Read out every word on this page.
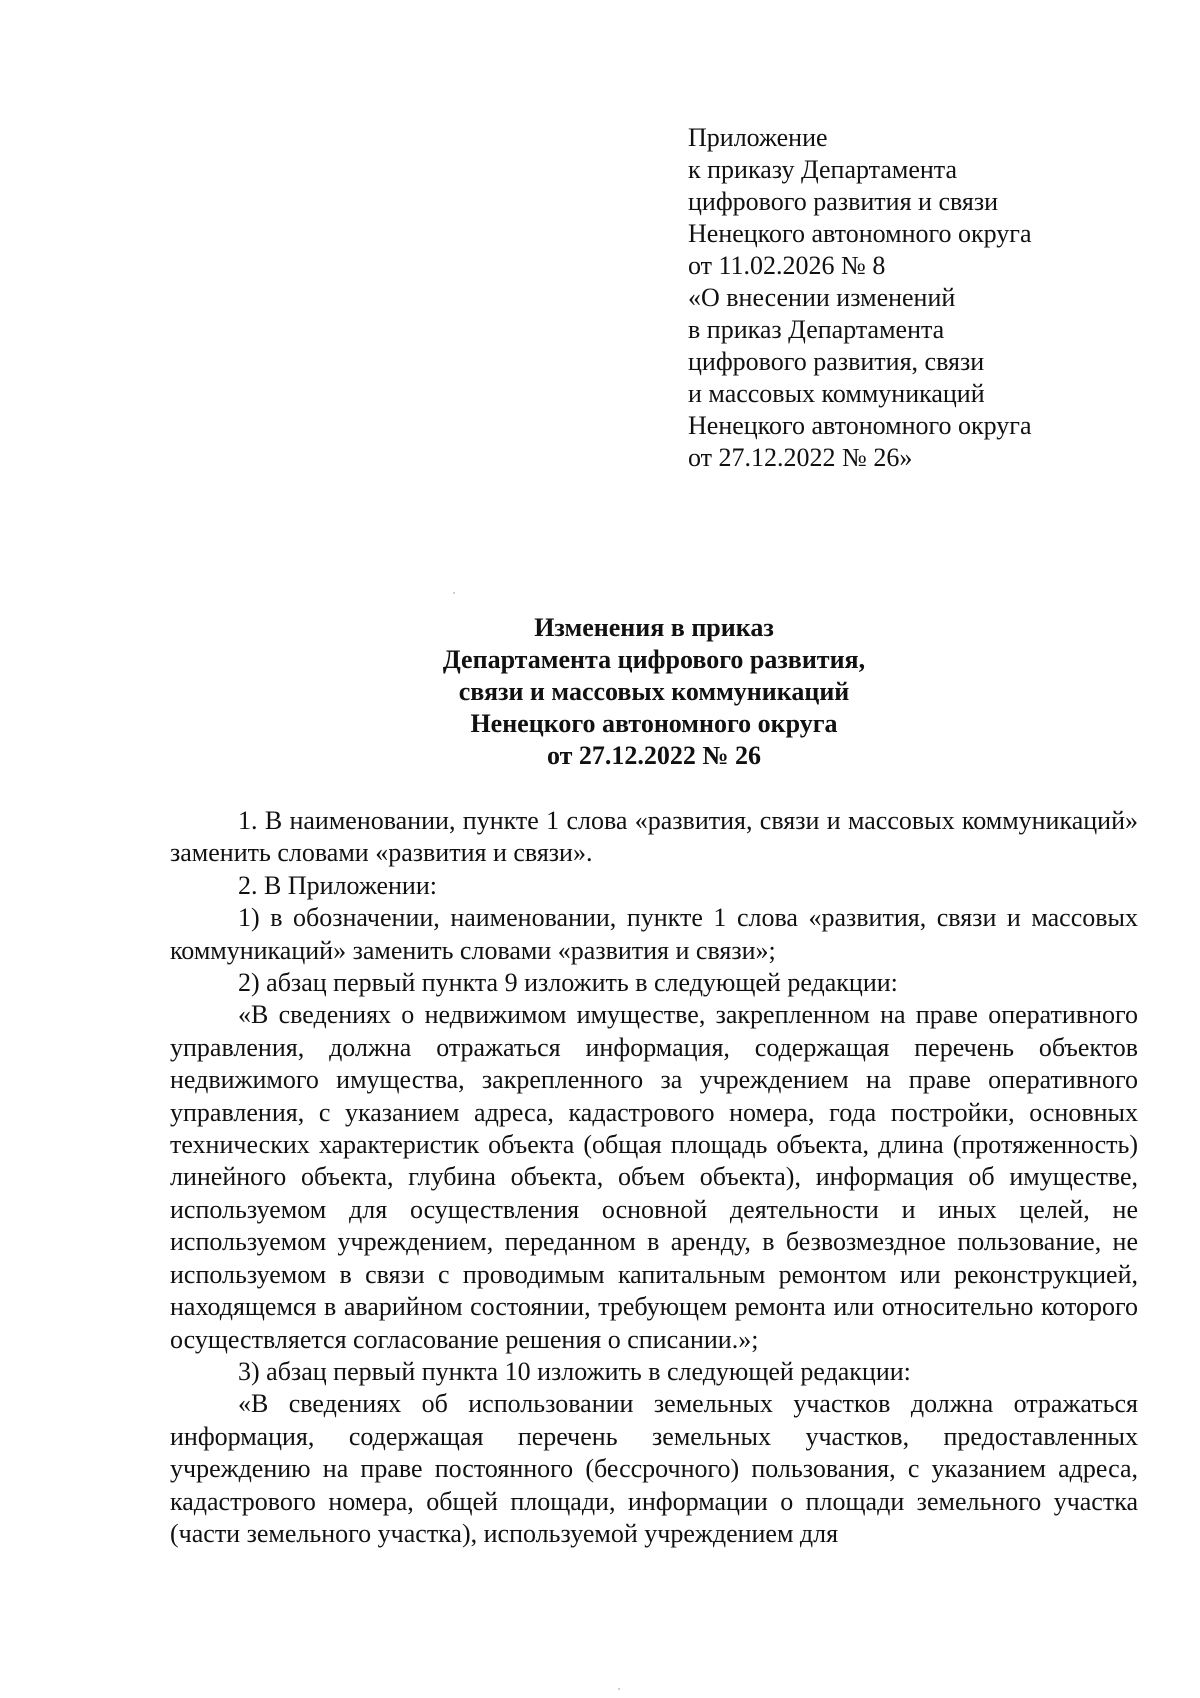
Приложение
к приказу Департамента
цифрового развития и связи
Ненецкого автономного округа
от 11.02.2026 № 8
«О внесении изменений
в приказ Департамента
цифрового развития, связи
и массовых коммуникаций
Ненецкого автономного округа
от 27.12.2022 № 26»
Изменения в приказ
Департамента цифрового развития,
связи и массовых коммуникаций
Ненецкого автономного округа
от 27.12.2022 № 26

1. В наименовании, пункте 1 слова «развития, связи и массовых коммуникаций» заменить словами «развития и связи».

2. В Приложении:

1) в обозначении, наименовании, пункте 1 слова «развития, связи и массовых коммуникаций» заменить словами «развития и связи»;

2) абзац первый пункта 9 изложить в следующей редакции:

«В сведениях о недвижимом имуществе, закрепленном на праве оперативного управления, должна отражаться информация, содержащая перечень объектов недвижимого имущества, закрепленного за учреждением на праве оперативного управления, с указанием адреса, кадастрового номера, года постройки, основных технических характеристик объекта (общая площадь объекта, длина (протяженность) линейного объекта, глубина объекта, объем объекта), информация об имуществе, используемом для осуществления основной деятельности и иных целей, не используемом учреждением, переданном в аренду, в безвозмездное пользование, не используемом в связи с проводимым капитальным ремонтом или реконструкцией, находящемся в аварийном состоянии, требующем ремонта или относительно которого осуществляется согласование решения о списании.»;

3) абзац первый пункта 10 изложить в следующей редакции:

«В сведениях об использовании земельных участков должна отражаться информация, содержащая перечень земельных участков, предоставленных учреждению на праве постоянного (бессрочного) пользования, с указанием адреса, кадастрового номера, общей площади, информации о площади земельного участка (части земельного участка), используемой учреждением для
